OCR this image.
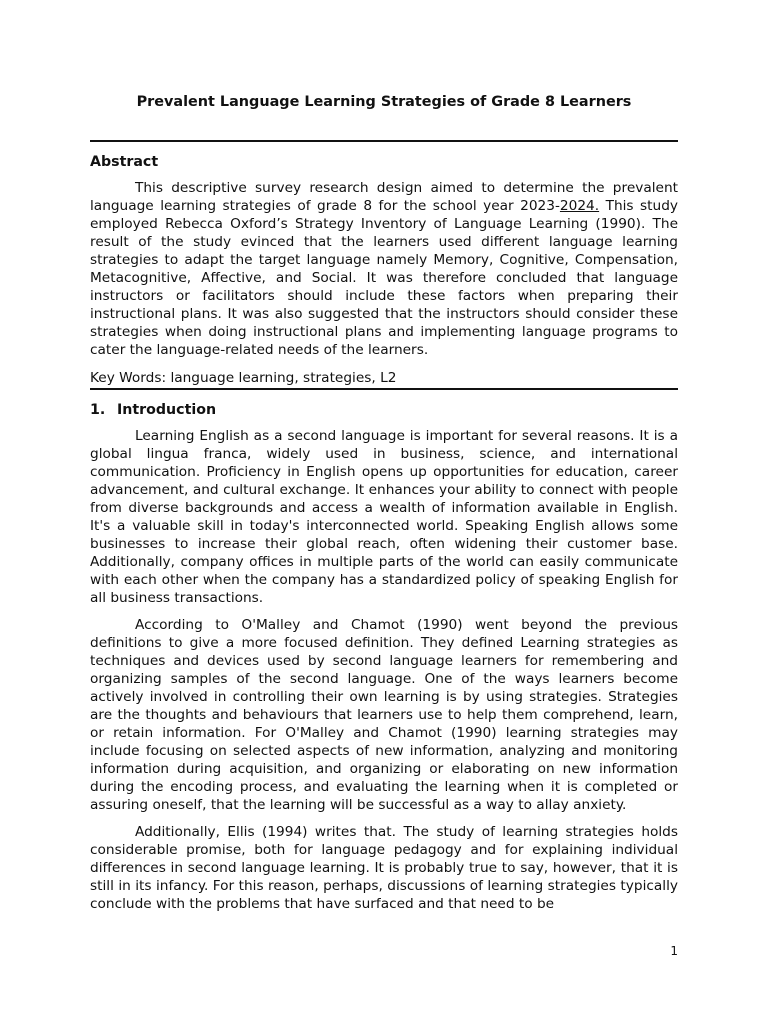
Prevalent Language Learning Strategies of Grade 8 Learners
Abstract

This descriptive survey research design aimed to determine the prevalent language learning strategies of grade 8 for the school year 2023-2024. This study employed Rebecca Oxford’s Strategy Inventory of Language Learning (1990). The result of the study evinced that the learners used different language learning strategies to adapt the target language namely Memory, Cognitive, Compensation, Metacognitive, Affective, and Social. It was therefore concluded that language instructors or facilitators should include these factors when preparing their instructional plans. It was also suggested that the instructors should consider these strategies when doing instructional plans and implementing language programs to cater the language-related needs of the learners.

Key Words: language learning, strategies, L2
1. Introduction

Learning English as a second language is important for several reasons. It is a global lingua franca, widely used in business, science, and international communication. Proficiency in English opens up opportunities for education, career advancement, and cultural exchange. It enhances your ability to connect with people from diverse backgrounds and access a wealth of information available in English. It's a valuable skill in today's interconnected world. Speaking English allows some businesses to increase their global reach, often widening their customer base. Additionally, company offices in multiple parts of the world can easily communicate with each other when the company has a standardized policy of speaking English for all business transactions.

According to O'Malley and Chamot (1990) went beyond the previous definitions to give a more focused definition. They defined Learning strategies as techniques and devices used by second language learners for remembering and organizing samples of the second language. One of the ways learners become actively involved in controlling their own learning is by using strategies. Strategies are the thoughts and behaviours that learners use to help them comprehend, learn, or retain information. For O'Malley and Chamot (1990) learning strategies may include focusing on selected aspects of new information, analyzing and monitoring information during acquisition, and organizing or elaborating on new information during the encoding process, and evaluating the learning when it is completed or assuring oneself, that the learning will be successful as a way to allay anxiety.

Additionally, Ellis (1994) writes that. The study of learning strategies holds considerable promise, both for language pedagogy and for explaining individual differences in second language learning. It is probably true to say, however, that it is still in its infancy. For this reason, perhaps, discussions of learning strategies typically conclude with the problems that have surfaced and that need to be

1
